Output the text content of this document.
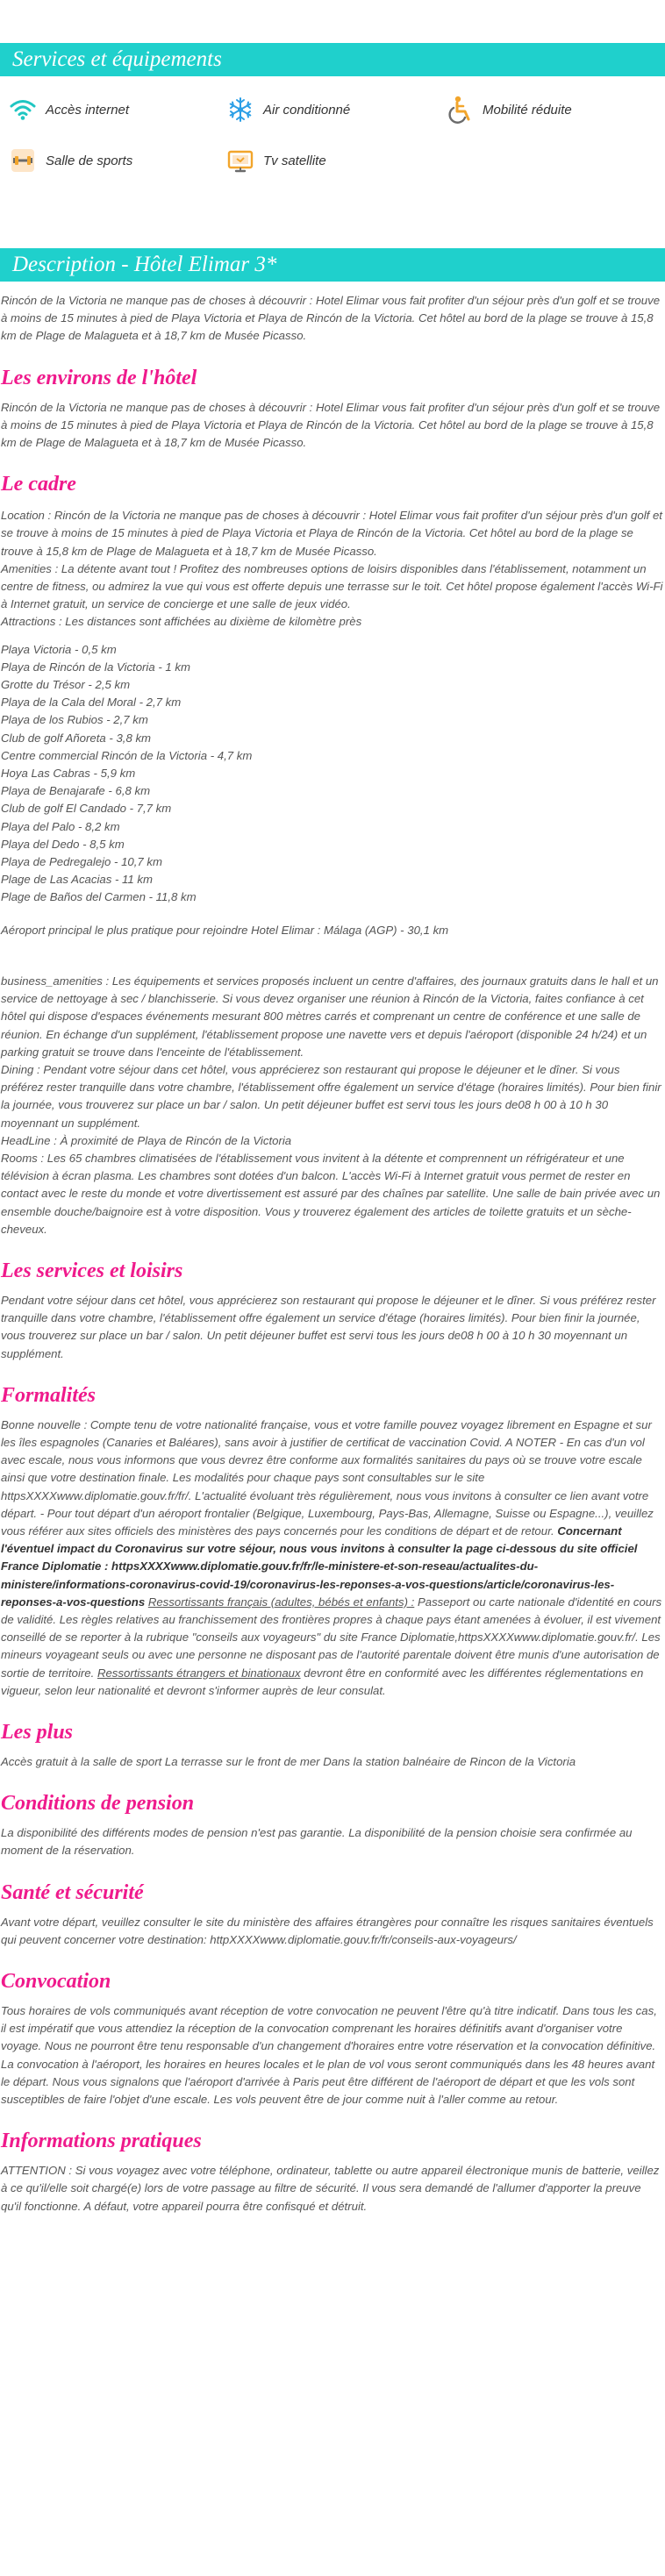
Services et équipements
Accès internet	Air conditionné	Mobilité réduite
Salle de sports	Tv satellite
Description - Hôtel Elimar 3*

Rincón de la Victoria ne manque pas de choses à découvrir : Hotel Elimar vous fait profiter d'un séjour près d'un golf et se trouve à moins de 15 minutes à pied de Playa Victoria et Playa de Rincón de la Victoria. Cet hôtel au bord de la plage se trouve à 15,8 km de Plage de Malagueta et à 18,7 km de Musée Picasso.

Les environs de l'hôtel

Rincón de la Victoria ne manque pas de choses à découvrir : Hotel Elimar vous fait profiter d'un séjour près d'un golf et se trouve à moins de 15 minutes à pied de Playa Victoria et Playa de Rincón de la Victoria. Cet hôtel au bord de la plage se trouve à 15,8 km de Plage de Malagueta et à 18,7 km de Musée Picasso.

Le cadre

Location : Rincón de la Victoria ne manque pas de choses à découvrir : Hotel Elimar vous fait profiter d'un séjour près d'un golf et se trouve à moins de 15 minutes à pied de Playa Victoria et Playa de Rincón de la Victoria. Cet hôtel au bord de la plage se trouve à 15,8 km de Plage de Malagueta et à 18,7 km de Musée Picasso.

Amenities : La détente avant tout ! Profitez des nombreuses options de loisirs disponibles dans l'établissement, notamment un centre de fitness, ou admirez la vue qui vous est offerte depuis une terrasse sur le toit. Cet hôtel propose également l'accès Wi-Fi à Internet gratuit, un service de concierge et une salle de jeux vidéo.

Attractions : Les distances sont affichées au dixième de kilomètre près

Playa Victoria - 0,5 km

Playa de Rincón de la Victoria - 1 km

Grotte du Trésor - 2,5 km

Playa de la Cala del Moral - 2,7 km

Playa de los Rubios - 2,7 km

Club de golf Añoreta - 3,8 km

Centre commercial Rincón de la Victoria - 4,7 km

Hoya Las Cabras - 5,9 km

Playa de Benajarafe - 6,8 km

Club de golf El Candado - 7,7 km

Playa del Palo - 8,2 km

Playa del Dedo - 8,5 km

Playa de Pedregalejo - 10,7 km

Plage de Las Acacias - 11 km

Plage de Baños del Carmen - 11,8 km

Aéroport principal le plus pratique pour rejoindre Hotel Elimar : Málaga (AGP) - 30,1 km

business_amenities : Les équipements et services proposés incluent un centre d'affaires, des journaux gratuits dans le hall et un service de nettoyage à sec / blanchisserie. Si vous devez organiser une réunion à Rincón de la Victoria, faites confiance à cet hôtel qui dispose d'espaces événements mesurant 800 mètres carrés et comprenant un centre de conférence et une salle de réunion. En échange d'un supplément, l'établissement propose une navette vers et depuis l'aéroport (disponible 24 h/24) et un parking gratuit se trouve dans l'enceinte de l'établissement.

Dining : Pendant votre séjour dans cet hôtel, vous apprécierez son restaurant qui propose le déjeuner et le dîner. Si vous préférez rester tranquille dans votre chambre, l'établissement offre également un service d'étage (horaires limités). Pour bien finir la journée, vous trouverez sur place un bar / salon. Un petit déjeuner buffet est servi tous les jours de08 h 00 à 10 h 30 moyennant un supplément.

HeadLine : À proximité de Playa de Rincón de la Victoria

Rooms : Les 65 chambres climatisées de l'établissement vous invitent à la détente et comprennent un réfrigérateur et une télévision à écran plasma. Les chambres sont dotées d'un balcon. L'accès Wi-Fi à Internet gratuit vous permet de rester en contact avec le reste du monde et votre divertissement est assuré par des chaînes par satellite. Une salle de bain privée avec un ensemble douche/baignoire est à votre disposition. Vous y trouverez également des articles de toilette gratuits et un sèche-cheveux.

Les services et loisirs

Pendant votre séjour dans cet hôtel, vous apprécierez son restaurant qui propose le déjeuner et le dîner. Si vous préférez rester tranquille dans votre chambre, l'établissement offre également un service d'étage (horaires limités). Pour bien finir la journée, vous trouverez sur place un bar / salon. Un petit déjeuner buffet est servi tous les jours de08 h 00 à 10 h 30 moyennant un supplément.

Formalités

Bonne nouvelle : Compte tenu de votre nationalité française, vous et votre famille pouvez voyagez librement en Espagne et sur les îles espagnoles (Canaries et Baléares), sans avoir à justifier de certificat de vaccination Covid. A NOTER - En cas d'un vol avec escale, nous vous informons que vous devrez être conforme aux formalités sanitaires du pays où se trouve votre escale ainsi que votre destination finale. Les modalités pour chaque pays sont consultables sur le site httpsXXXXwww.diplomatie.gouv.fr/fr/. L'actualité évoluant très régulièrement, nous vous invitons à consulter ce lien avant votre départ. - Pour tout départ d'un aéroport frontalier (Belgique, Luxembourg, Pays-Bas, Allemagne, Suisse ou Espagne...), veuillez vous référer aux sites officiels des ministères des pays concernés pour les conditions de départ et de retour. Concernant l'éventuel impact du Coronavirus sur votre séjour, nous vous invitons à consulter la page ci-dessous du site officiel France Diplomatie : httpsXXXXwww.diplomatie.gouv.fr/fr/le-ministere-et-son-reseau/actualites-du-ministere/informations-coronavirus-covid-19/coronavirus-les-reponses-a-vos-questions/article/coronavirus-les-reponses-a-vos-questions Ressortissants français (adultes, bébés et enfants) : Passeport ou carte nationale d'identité en cours de validité. Les règles relatives au franchissement des frontières propres à chaque pays étant amenées à évoluer, il est vivement conseillé de se reporter à la rubrique "conseils aux voyageurs" du site France Diplomatie,httpsXXXXwww.diplomatie.gouv.fr/. Les mineurs voyageant seuls ou avec une personne ne disposant pas de l'autorité parentale doivent être munis d'une autorisation de sortie de territoire. Ressortissants étrangers et binationaux devront être en conformité avec les différentes réglementations en vigueur, selon leur nationalité et devront s'informer auprès de leur consulat.

Les plus

Accès gratuit à la salle de sport La terrasse sur le front de mer Dans la station balnéaire de Rincon de la Victoria

Conditions de pension

La disponibilité des différents modes de pension n'est pas garantie. La disponibilité de la pension choisie sera confirmée au moment de la réservation.

Santé et sécurité

Avant votre départ, veuillez consulter le site du ministère des affaires étrangères pour connaître les risques sanitaires éventuels qui peuvent concerner votre destination: httpXXXXwww.diplomatie.gouv.fr/fr/conseils-aux-voyageurs/

Convocation

Tous horaires de vols communiqués avant réception de votre convocation ne peuvent l'être qu'à titre indicatif. Dans tous les cas, il est impératif que vous attendiez la réception de la convocation comprenant les horaires définitifs avant d'organiser votre voyage. Nous ne pourront être tenu responsable d'un changement d'horaires entre votre réservation et la convocation définitive. La convocation à l'aéroport, les horaires en heures locales et le plan de vol vous seront communiqués dans les 48 heures avant le départ. Nous vous signalons que l'aéroport d'arrivée à Paris peut être différent de l'aéroport de départ et que les vols sont susceptibles de faire l'objet d'une escale. Les vols peuvent être de jour comme nuit à l'aller comme au retour.

Informations pratiques

ATTENTION : Si vous voyagez avec votre téléphone, ordinateur, tablette ou autre appareil électronique munis de batterie, veillez à ce qu'il/elle soit chargé(e) lors de votre passage au filtre de sécurité. Il vous sera demandé de l'allumer d'apporter la preuve qu'il fonctionne. A défaut, votre appareil pourra être confisqué et détruit.
